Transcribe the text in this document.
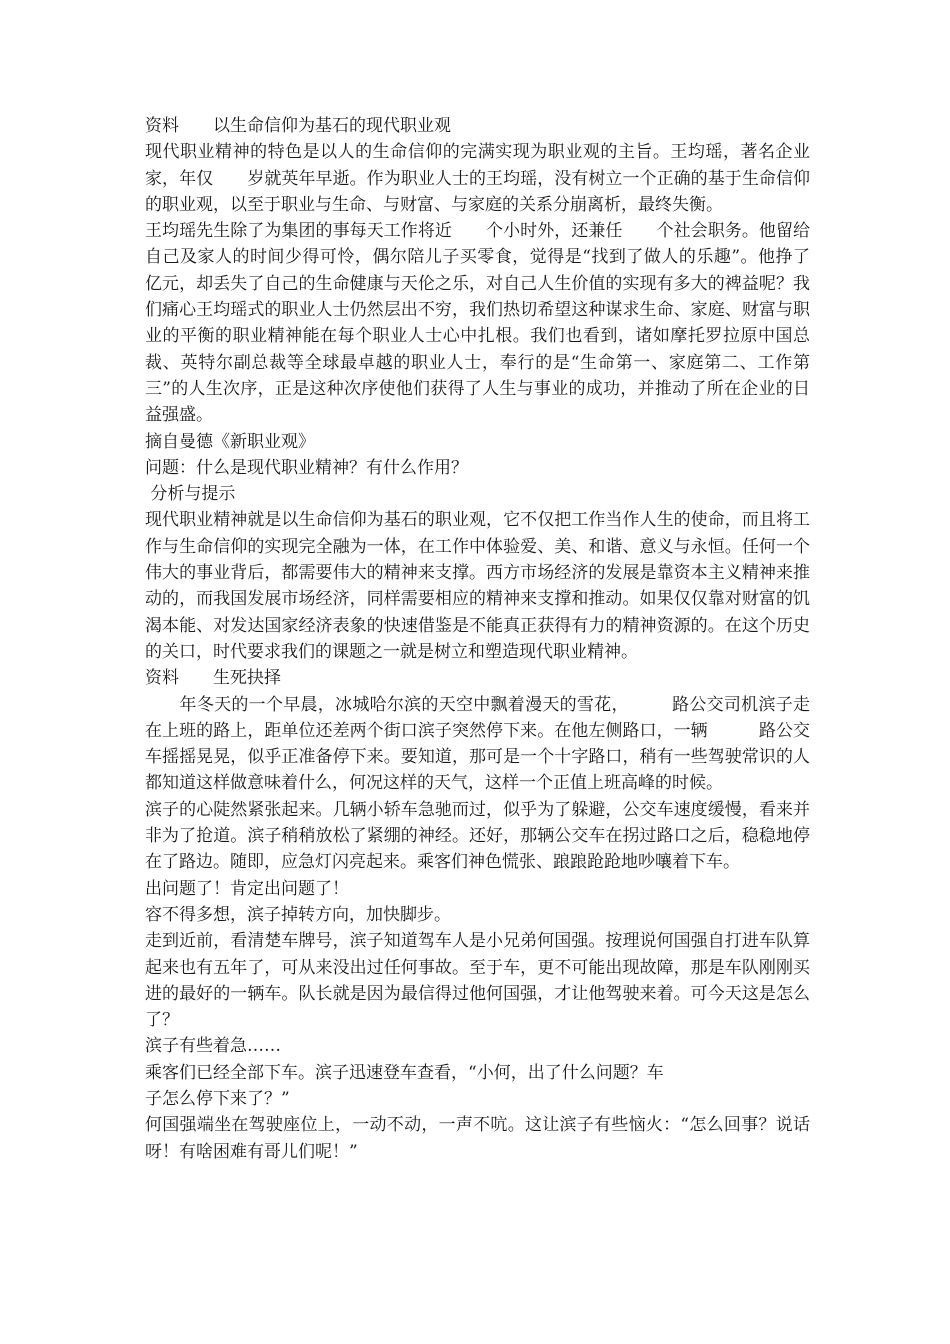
资料　　以生命信仰为基石的现代职业观

现代职业精神的特色是以人的生命信仰的完满实现为职业观的主旨。王均瑶，著名企业家，年仅　　岁就英年早逝。作为职业人士的王均瑶，没有树立一个正确的基于生命信仰的职业观，以至于职业与生命、与财富、与家庭的关系分崩离析，最终失衡。

王均瑶先生除了为集团的事每天工作将近　　个小时外，还兼任　　个社会职务。他留给自己及家人的时间少得可怜，偶尔陪儿子买零食，觉得是“找到了做人的乐趣”。他挣了　　亿元，却丢失了自己的生命健康与天伦之乐，对自己人生价值的实现有多大的裨益呢？我们痛心王均瑶式的职业人士仍然层出不穷，我们热切希望这种谋求生命、家庭、财富与职业的平衡的职业精神能在每个职业人士心中扎根。我们也看到，诸如摩托罗拉原中国总裁、英特尔副总裁等全球最卓越的职业人士，奉行的是“生命第一、家庭第二、工作第三”的人生次序，正是这种次序使他们获得了人生与事业的成功，并推动了所在企业的日益强盛。

摘自曼德《新职业观》

问题：什么是现代职业精神？有什么作用？

分析与提示

现代职业精神就是以生命信仰为基石的职业观，它不仅把工作当作人生的使命，而且将工作与生命信仰的实现完全融为一体，在工作中体验爱、美、和谐、意义与永恒。任何一个伟大的事业背后，都需要伟大的精神来支撑。西方市场经济的发展是靠资本主义精神来推动的，而我国发展市场经济，同样需要相应的精神来支撑和推动。如果仅仅靠对财富的饥渴本能、对发达国家经济表象的快速借鉴是不能真正获得有力的精神资源的。在这个历史的关口，时代要求我们的课题之一就是树立和塑造现代职业精神。

资料　　生死抉择

　　年冬天的一个早晨，冰城哈尔滨的天空中飘着漫天的雪花，　　　路公交司机滨子走在上班的路上，距单位还差两个街口滨子突然停下来。在他左侧路口，一辆　　　路公交车摇摇晃晃，似乎正准备停下来。要知道，那可是一个十字路口，稍有一些驾驶常识的人都知道这样做意味着什么，何况这样的天气，这样一个正值上班高峰的时候。

滨子的心陡然紧张起来。几辆小轿车急驰而过，似乎为了躲避，公交车速度缓慢，看来并非为了抢道。滨子稍稍放松了紧绷的神经。还好，那辆公交车在拐过路口之后，稳稳地停在了路边。随即，应急灯闪亮起来。乘客们神色慌张、踉踉跄跄地吵嚷着下车。

出问题了！肯定出问题了！

容不得多想，滨子掉转方向，加快脚步。

走到近前，看清楚车牌号，滨子知道驾车人是小兄弟何国强。按理说何国强自打进车队算起来也有五年了，可从来没出过任何事故。至于车，更不可能出现故障，那是车队刚刚买进的最好的一辆车。队长就是因为最信得过他何国强，才让他驾驶来着。可今天这是怎么了？

滨子有些着急……

乘客们已经全部下车。滨子迅速登车查看，“小何，出了什么问题？车
子怎么停下来了？”

何国强端坐在驾驶座位上，一动不动，一声不吭。这让滨子有些恼火：“怎么回事？说话呀！有啥困难有哥儿们呢！”
